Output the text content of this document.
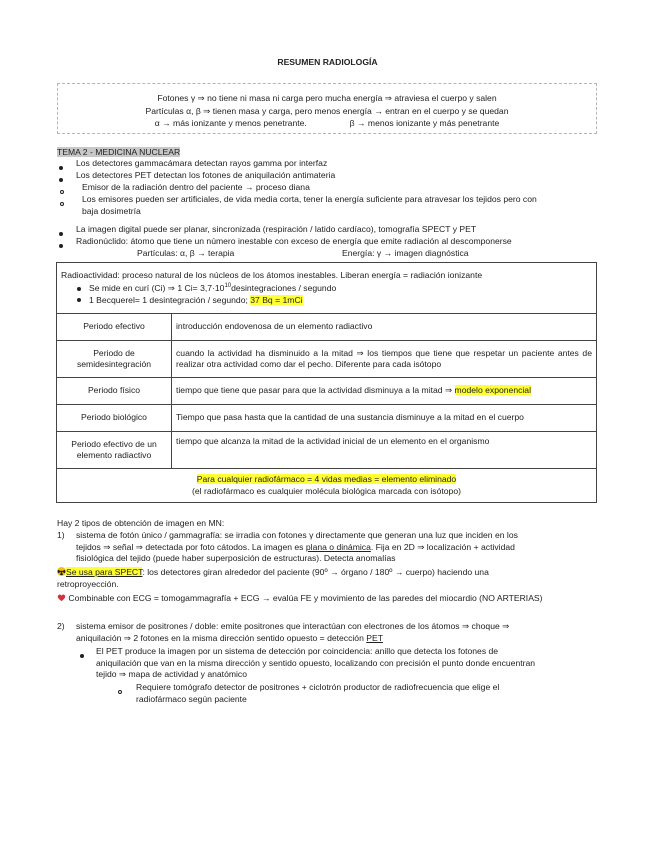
RESUMEN RADIOLOGÍA
Fotones γ ⇒ no tiene ni masa ni carga pero mucha energía ⇒ atraviesa el cuerpo y salen
Partículas α, β ⇒ tienen masa y carga, pero menos energía → entran en el cuerpo y se quedan
α → más ionizante y menos penetrante.	β → menos ionizante y más penetrante
TEMA 2 - MEDICINA NUCLEAR
Los detectores gammacámara detectan rayos gamma por interfaz
Los detectores PET detectan los fotones de aniquilación antimateria
Emisor de la radiación dentro del paciente → proceso diana
Los emisores pueden ser artificiales, de vida media corta, tener la energía suficiente para atravesar los tejidos pero con
baja dosimetría
La imagen digital puede ser planar, sincronizada (respiración / latido cardíaco), tomografía SPECT y PET
Radionúclido: átomo que tiene un número inestable con exceso de energía que emite radiación al descomponerse
Partículas: α, β → terapia	Energía: γ → imagen diagnóstica
Radioactividad: proceso natural de los núcleos de los átomos inestables. Liberan energía = radiación ionizante
Se mide en curí (Ci) ⇒ 1 $Ci= 3,7\cdot 10^{10}desintegraciones$ / segundo
1 Becquerel= 1 desintegración / segundo; 37 Bq = 1mCi	

Periodo efectivo	introducción endovenosa de un elemento radiactivo
Periodo de semidesintegración	cuando la actividad ha disminuido a la mitad ⇒ los tiempos que tiene que respetar un paciente antes de realizar otra actividad como dar el pecho. Diferente para cada isótopo
Periodo físico	tiempo que tiene que pasar para que la actividad disminuya a la mitad ⇒ modelo exponencial
Periodo biológico	Tiempo que pasa hasta que la cantidad de una sustancia disminuye a la mitad en el cuerpo
Periodo efectivo de un elemento radiactivo	tiempo que alcanza la mitad de la actividad inicial de un elemento en el organismo

Para cualquier radiofármaco = 4 vidas medias = elemento eliminado
(el radiofármaco es cualquier molécula biológica marcada con isótopo)	
Hay 2 tipos de obtención de imagen en MN:
1) sistema de fotón único / gammagrafía: se irradia con fotones γ directamente que generan una luz que inciden en los
tejidos ⇒ señal ⇒ detectada por foto cátodos. La imagen es plana o dinámica. Fija en 2D ⇒ localización + actividad
fisiológica del tejido (puede haber superposición de estructuras). Detecta anomalías
Se usa para SPECT: los detectores giran alrededor del paciente (90º → órgano / 180º → cuerpo) haciendo una
retroproyección.
Combinable con ECG = tomogammagrafía + ECG → evalúa FE y movimiento de las paredes del miocardio (NO ARTERIAS)
2) sistema emisor de positrones / doble: emite positrones que interactúan con electrones de los átomos ⇒ choque ⇒
aniquilación ⇒ 2 fotones en la misma dirección sentido opuesto = detección PET
El PET produce la imagen por un sistema de detección por coincidencia: anillo que detecta los fotones de
aniquilación que van en la misma dirección y sentido opuesto, localizando con precisión el punto donde encuentran
tejido ⇒ mapa de actividad y anatómico
Requiere tomógrafo detector de positrones + ciclotrón productor de radiofrecuencia que elige el
radiofármaco según paciente
